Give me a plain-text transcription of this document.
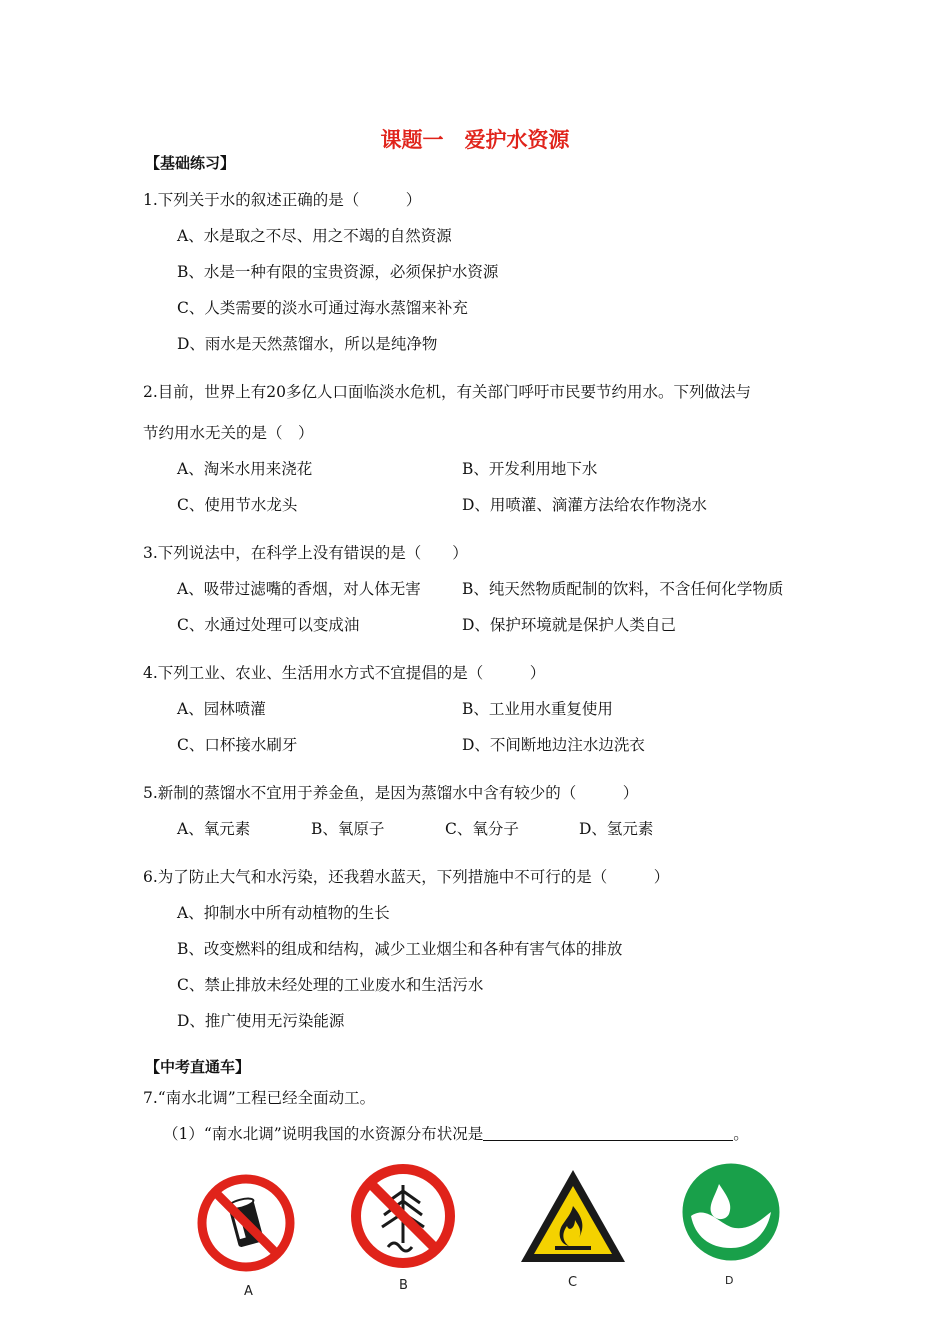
课题一　爱护水资源
【基础练习】
1.下列关于水的叙述正确的是（　　　）
A、水是取之不尽、用之不竭的自然资源
B、水是一种有限的宝贵资源，必须保护水资源
C、人类需要的淡水可通过海水蒸馏来补充
D、雨水是天然蒸馏水，所以是纯净物
2.目前，世界上有20多亿人口面临淡水危机，有关部门呼吁市民要节约用水。下列做法与
节约用水无关的是（　）
A、淘米水用来浇花	B、开发利用地下水
C、使用节水龙头	D、用喷灌、滴灌方法给农作物浇水
3.下列说法中，在科学上没有错误的是（　　）
A、吸带过滤嘴的香烟，对人体无害	B、纯天然物质配制的饮料，不含任何化学物质
C、水通过处理可以变成油	D、保护环境就是保护人类自己
4.下列工业、农业、生活用水方式不宜提倡的是（　　　）
A、园林喷灌	B、工业用水重复使用
C、口杯接水刷牙	D、不间断地边注水边洗衣
5.新制的蒸馏水不宜用于养金鱼，是因为蒸馏水中含有较少的（　　　）
A、氧元素	B、氧原子	C、氧分子	D、氢元素
6.为了防止大气和水污染，还我碧水蓝天，下列措施中不可行的是（　　　）
A、抑制水中所有动植物的生长
B、改变燃料的组成和结构，减少工业烟尘和各种有害气体的排放
C、禁止排放未经处理的工业废水和生活污水
D、推广使用无污染能源
【中考直通车】
7.“南水北调”工程已经全面动工。
（1）“南水北调”说明我国的水资源分布状况是	。
A	B	C	D
